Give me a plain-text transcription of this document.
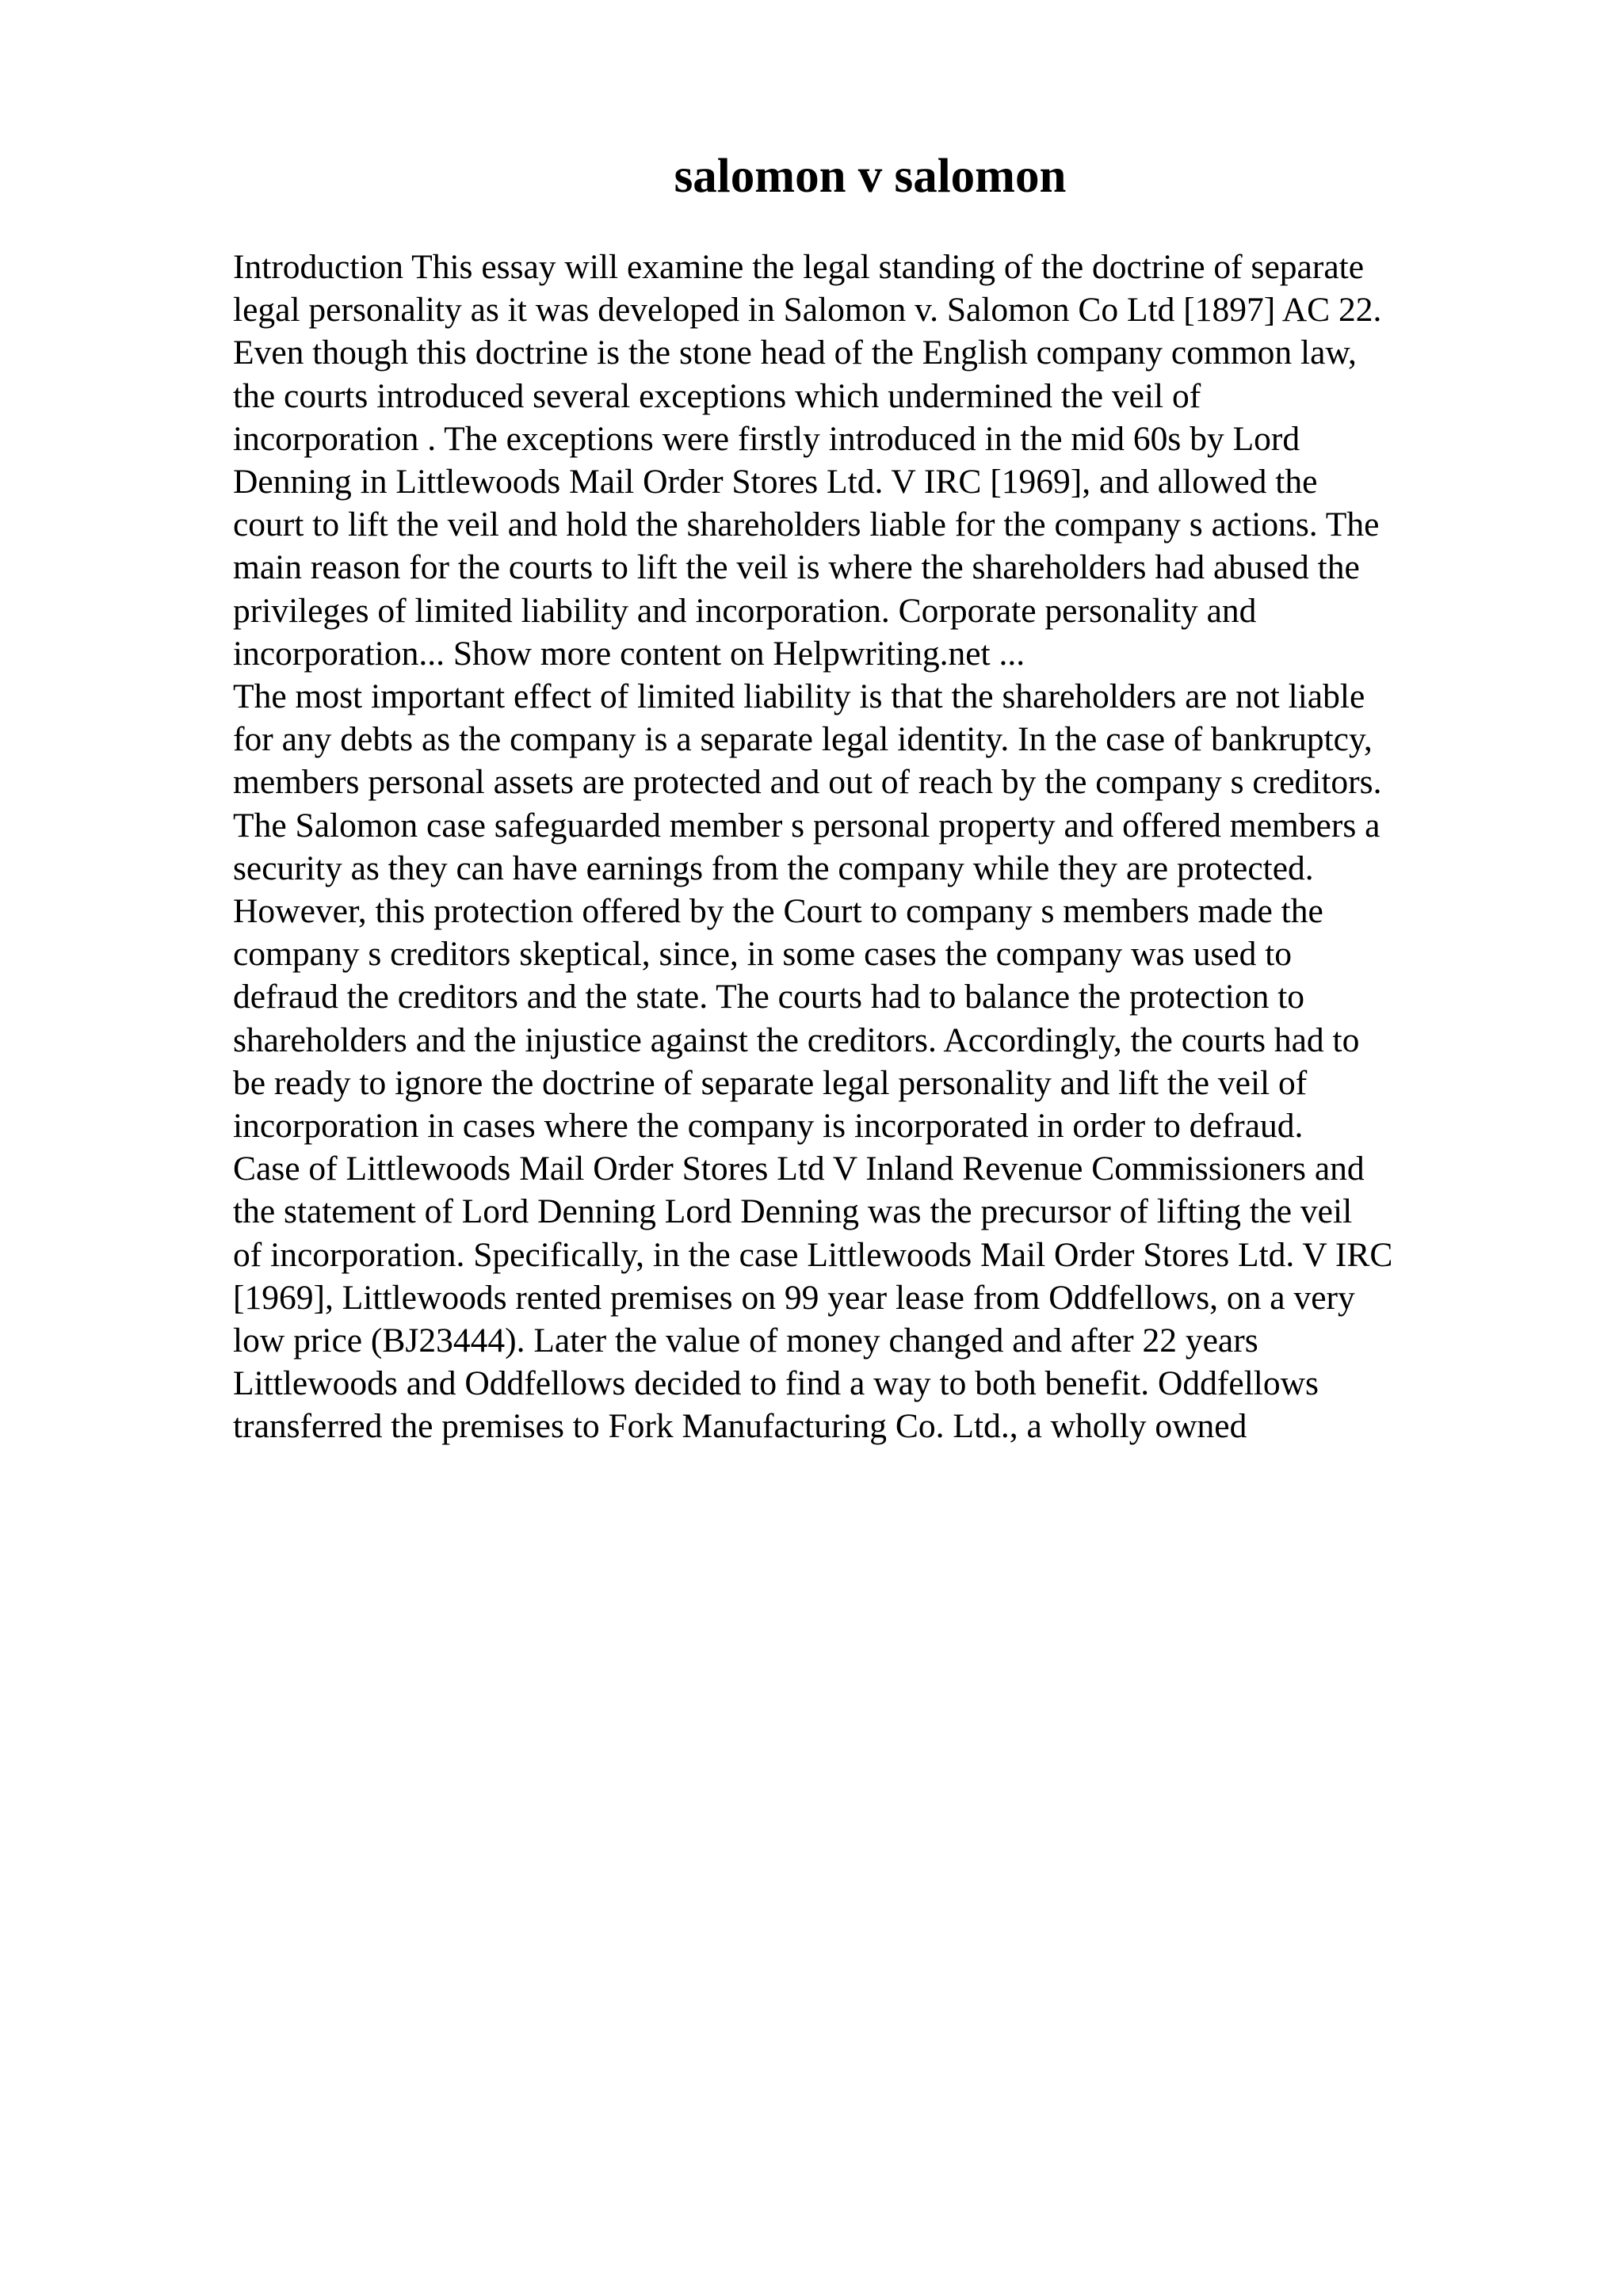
salomon v salomon
Introduction This essay will examine the legal standing of the doctrine of separate
legal personality as it was developed in Salomon v. Salomon Co Ltd [1897] AC 22.
Even though this doctrine is the stone head of the English company common law,
the courts introduced several exceptions which undermined the veil of
incorporation . The exceptions were firstly introduced in the mid 60s by Lord
Denning in Littlewoods Mail Order Stores Ltd. V IRC [1969], and allowed the
court to lift the veil and hold the shareholders liable for the company s actions. The
main reason for the courts to lift the veil is where the shareholders had abused the
privileges of limited liability and incorporation. Corporate personality and
incorporation... Show more content on Helpwriting.net ...
The most important effect of limited liability is that the shareholders are not liable
for any debts as the company is a separate legal identity. In the case of bankruptcy,
members personal assets are protected and out of reach by the company s creditors.
The Salomon case safeguarded member s personal property and offered members a
security as they can have earnings from the company while they are protected.
However, this protection offered by the Court to company s members made the
company s creditors skeptical, since, in some cases the company was used to
defraud the creditors and the state. The courts had to balance the protection to
shareholders and the injustice against the creditors. Accordingly, the courts had to
be ready to ignore the doctrine of separate legal personality and lift the veil of
incorporation in cases where the company is incorporated in order to defraud.
Case of Littlewoods Mail Order Stores Ltd V Inland Revenue Commissioners and
the statement of Lord Denning Lord Denning was the precursor of lifting the veil
of incorporation. Specifically, in the case Littlewoods Mail Order Stores Ltd. V IRC
[1969], Littlewoods rented premises on 99 year lease from Oddfellows, on a very
low price (BJ23444). Later the value of money changed and after 22 years
Littlewoods and Oddfellows decided to find a way to both benefit. Oddfellows
transferred the premises to Fork Manufacturing Co. Ltd., a wholly owned
